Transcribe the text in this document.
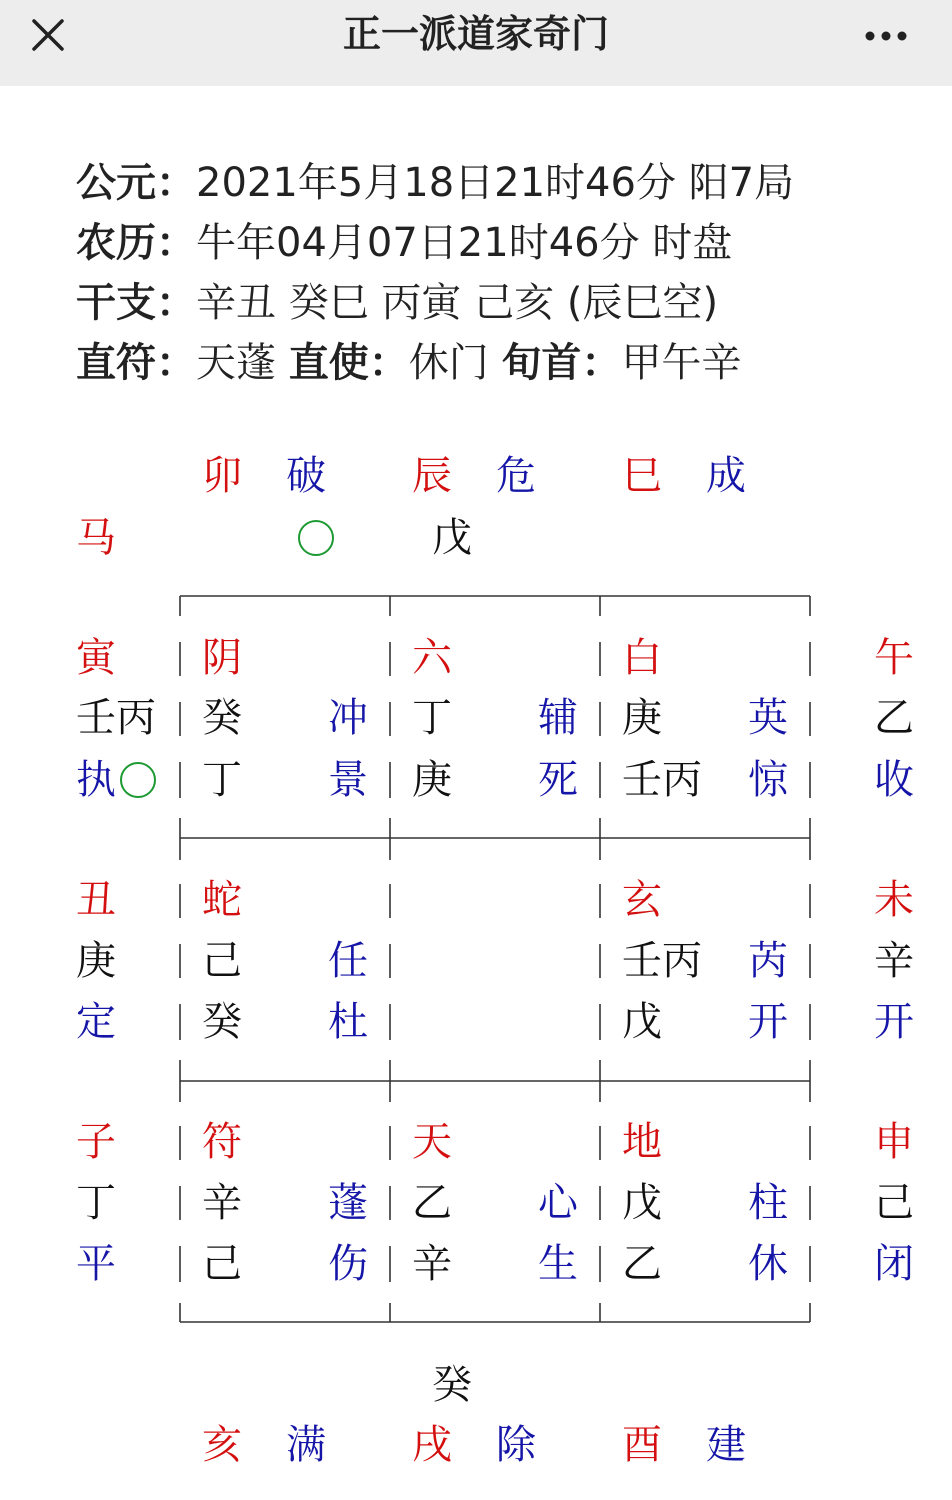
正一派道家奇门
公元：2021年5月18日21时46分 阳7局
农历：牛年04月07日21时46分 时盘
干支：辛丑 癸巳 丙寅 己亥 (辰巳空)
直符：天蓬 直使：休门 旬首：甲午辛
卯 破 辰 危 巳 成
马	戊
寅
壬丙
执
丑
庚
定
子
丁
平
午
乙
收
未
辛
开
申
己
闭
阴
癸 冲
丁 景
六
丁 辅
庚 死
白
庚 英
壬丙 惊
蛇
己 任
癸 杜
玄
壬丙 芮
戊 开
符
辛 蓬
己 伤
天
乙 心
辛 生
地
戊 柱
乙 休
癸
亥 满 戌 除 酉 建
